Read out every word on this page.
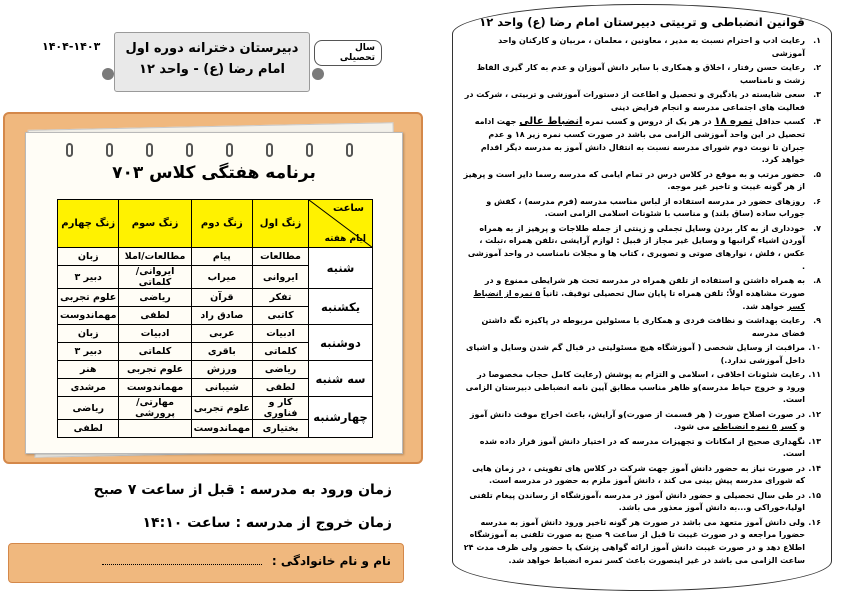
۱۴۰۴-۱۴۰۳	دبیرستان دخترانه دوره اول
امام رضا (ع) - واحد ۱۲
سال تحصیلی
برنامه هفتگی کلاس ۷۰۳
ساعت
ایام هفته	زنگ اول	زنگ دوم	زنگ سوم	زنگ چهارم
شنبه	مطالعات	پیام	مطالعات/املا	زبان
	ایروانی	میراب	ایروانی/کلماتی	دبیر ۳
یکشنبه	تفکر	قرآن	ریاضی	علوم تجربی
	کاتبی	صادق راد	لطفی	مهماندوست
دوشنبه	ادبیات	عربی	ادبیات	زبان
	کلماتی	باقری	کلماتی	دبیر ۳
سه شنبه	ریاضی	ورزش	علوم تجربی	هنر
	لطفی	شیبانی	مهماندوست	مرشدی
چهارشنبه	کار و فناوری	علوم تجربی	مهارتی/پرورشی	ریاضی
	بختیاری	مهماندوست		لطفی
زمان ورود به مدرسه : قبل از ساعت ۷ صبح
زمان خروج از مدرسه : ساعت ۱۴:۱۰
نام و نام خانوادگی :
قوانین انضباطی و تربیتی دبیرستان امام رضا (ع) واحد ۱۲
۱.
رعایت ادب و احترام نسبت به مدیر ، معاونین ، معلمان ، مربیان و کارکنان واحد آموزشی
۲.
رعایت حسن رفتار ، اخلاق و همکاری با سایر دانش آموزان و عدم به کار گیری الفاظ زشت و نامناسب
۳.
سعی شایسته در یادگیری و تحصیل و اطاعت از دستورات آموزشی و تربیتی ، شرکت در فعالیت های اجتماعی مدرسه و انجام فرایض دینی
۴.
کسب حداقل نمره ۱۸ در هر یک از دروس و کسب نمره انضباط عالی جهت ادامه تحصیل در این واحد آموزشی الزامی می باشد در صورت کسب نمره زیر ۱۸ و عدم جبران تا نوبت دوم شورای مدرسه نسبت به انتقال دانش آموز به مدرسه دیگر اقدام خواهد کرد.
۵.
حضور مرتب و به موقع در کلاس درس در تمام ایامی که مدرسه رسما دایر است و پرهیز از هر گونه غیبت و تاخیر غیر موجه.
۶.
روزهای حضور در مدرسه استفاده از لباس مناسب مدرسه (فرم مدرسه) ، کفش و جوراب ساده (ساق بلند) و مناسب با شئونات اسلامی الزامی است.
۷.
خودداری از به کار بردن وسایل تجملی و زینتی از جمله طلاجات و پرهیز از به همراه آوردن اشیاء گرانبها و وسایل غیر مجاز از قبیل : لوازم آرایشی ،تلفن همراه ،تبلت ، عکس ، فلش ، نوارهای صوتی و تصویری ، کتاب ها و مجلات نامناسب در واحد آموزشی .
۸.
به همراه داشتن و استفاده از تلفن همراه در مدرسه تحت هر شرایطی ممنوع و در صورت مشاهده اولاً: تلفن همراه تا پایان سال تحصیلی توقیف. ثانیاً ۵ نمره از انضباط کسر خواهد شد.
۹.
رعایت بهداشت و نظافت فردی و همکاری با مسئولین مربوطه در پاکیزه نگه داشتن فضای مدرسه
۱۰.
مراقبت از وسایل شخصی ( آموزشگاه هیچ مسئولیتی در قبال گم شدن وسایل و اشیای داخل آموزشی ندارد.)
۱۱.
رعایت شئونات اخلاقی ، اسلامی و التزام به پوشش (رعایت کامل حجاب مخصوصا در ورود و خروج حیاط مدرسه)و ظاهر مناسب مطابق آیین نامه انضباطی دبیرستان الزامی است.
۱۲.
در صورت اصلاح صورت ( هر قسمت از صورت)و آرایش، باعث اخراج موقت دانش آموز و کسر ۵ نمره انضباطی می شود.
۱۳.
نگهداری صحیح از امکانات و تجهیزات مدرسه که در اختیار دانش آموز قرار داده شده است.
۱۴.
در صورت نیاز به حضور دانش آموز جهت شرکت در کلاس های تقویتی ، در زمان هایی که شورای مدرسه پیش بینی می کند ، دانش آموز ملزم به حضور در مدرسه است.
۱۵.
در طی سال تحصیلی و حضور دانش آموز در مدرسه ،آموزشگاه از رساندن پیغام تلفنی اولیا،خوراکی و...به دانش آموز معذور می باشد.
۱۶.
ولی دانش آموز متعهد می باشد در صورت هر گونه تاخیر ورود دانش آموز به مدرسه حضورا مراجعه و در صورت غیبت تا قبل از ساعت ۹ صبح به صورت تلفنی به آموزشگاه اطلاع دهد و در صورت غیبت دانش آموز ارائه گواهی پزشک یا حضور ولی ظرف مدت ۲۴ ساعت الزامی می باشد در غیر اینصورت باعث کسر نمره انضباط خواهد شد.
